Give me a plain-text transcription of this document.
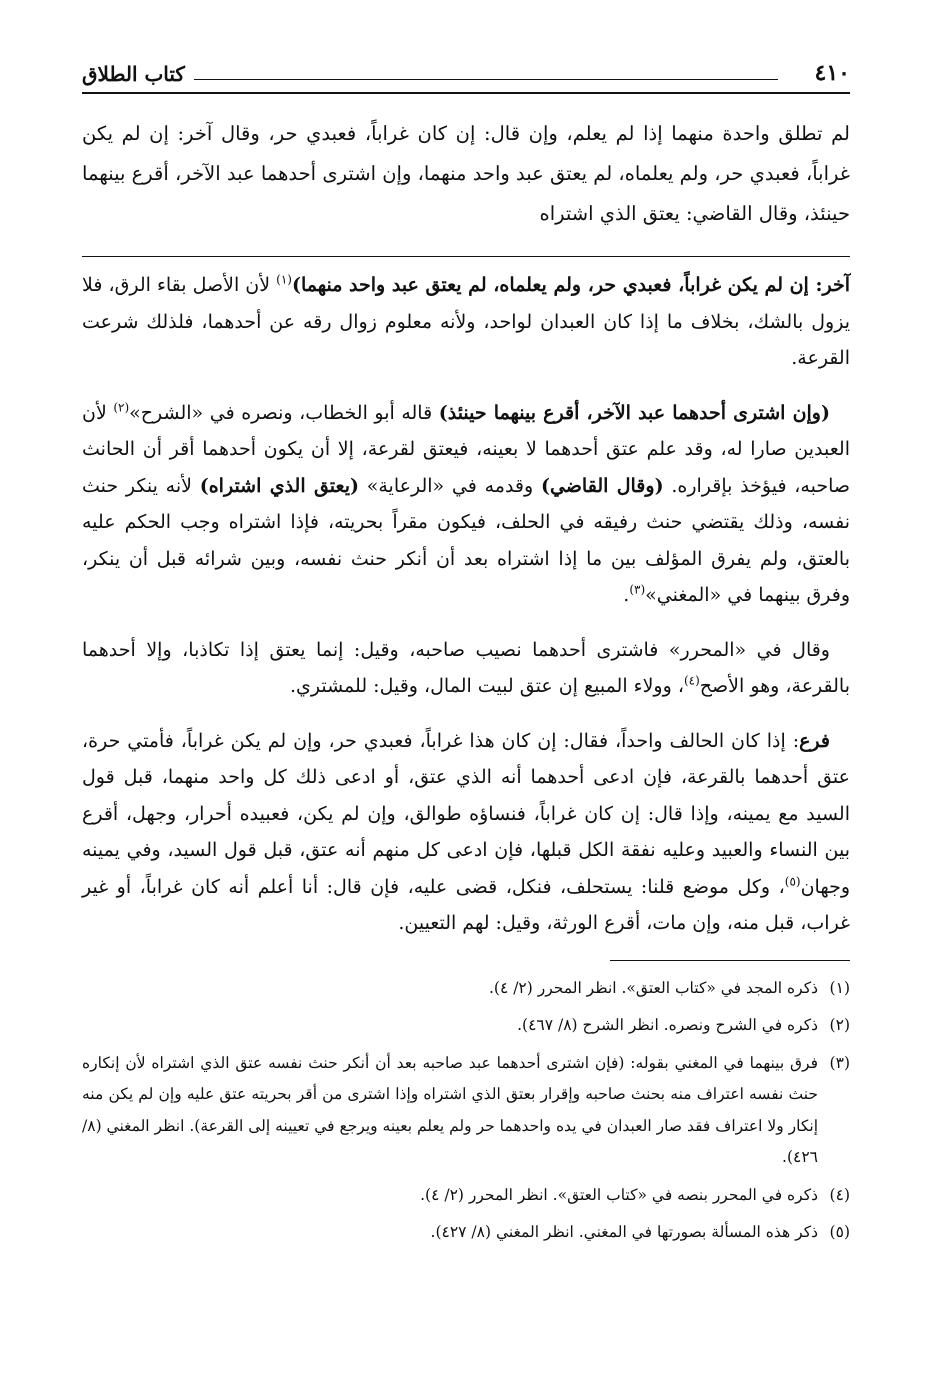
٤١٠
كتاب الطلاق
لم تطلق واحدة منهما إذا لم يعلم، وإن قال: إن كان غراباً، فعبدي حر، وقال آخر: إن لم يكن غراباً، فعبدي حر، ولم يعلماه، لم يعتق عبد واحد منهما، وإن اشترى أحدهما عبد الآخر، أقرع بينهما حينئذ، وقال القاضي: يعتق الذي اشتراه

آخر: إن لم يكن غراباً، فعبدي حر، ولم يعلماه، لم يعتق عبد واحد منهما)$^{(١)}$ لأن الأصل بقاء الرق، فلا يزول بالشك، بخلاف ما إذا كان العبدان لواحد، ولأنه معلوم زوال رقه عن أحدهما، فلذلك شرعت القرعة.

(وإن اشترى أحدهما عبد الآخر، أقرع بينهما حينئذ) قاله أبو الخطاب، ونصره في «الشرح»$^{(٢)}$ لأن العبدين صارا له، وقد علم عتق أحدهما لا بعينه، فيعتق لقرعة، إلا أن يكون أحدهما أقر أن الحانث صاحبه، فيؤخذ بإقراره. (وقال القاضي) وقدمه في «الرعاية» (يعتق الذي اشتراه) لأنه ينكر حنث نفسه، وذلك يقتضي حنث رفيقه في الحلف، فيكون مقراً بحريته، فإذا اشتراه وجب الحكم عليه بالعتق، ولم يفرق المؤلف بين ما إذا اشتراه بعد أن أنكر حنث نفسه، وبين شرائه قبل أن ينكر، وفرق بينهما في «المغني»$^{(٣)}$.

وقال في «المحرر» فاشترى أحدهما نصيب صاحبه، وقيل: إنما يعتق إذا تكاذبا، وإلا أحدهما بالقرعة، وهو الأصح$^{(٤)}$، وولاء المبيع إن عتق لبيت المال، وقيل: للمشتري.

فرع: إذا كان الحالف واحداً، فقال: إن كان هذا غراباً، فعبدي حر، وإن لم يكن غراباً، فأمتي حرة، عتق أحدهما بالقرعة، فإن ادعى أحدهما أنه الذي عتق، أو ادعى ذلك كل واحد منهما، قبل قول السيد مع يمينه، وإذا قال: إن كان غراباً، فنساؤه طوالق، وإن لم يكن، فعبيده أحرار، وجهل، أقرع بين النساء والعبيد وعليه نفقة الكل قبلها، فإن ادعى كل منهم أنه عتق، قبل قول السيد، وفي يمينه وجهان$^{(٥)}$، وكل موضع قلنا: يستحلف، فنكل، قضى عليه، فإن قال: أنا أعلم أنه كان غراباً، أو غير غراب، قبل منه، وإن مات، أقرع الورثة، وقيل: لهم التعيين.

(١)
ذكره المجد في «كتاب العتق». انظر المحرر (٢/ ٤).
(٢)
ذكره في الشرح ونصره. انظر الشرح (٨/ ٤٦٧).
(٣)
فرق بينهما في المغني بقوله: (فإن اشترى أحدهما عبد صاحبه بعد أن أنكر حنث نفسه عتق الذي اشتراه لأن إنكاره حنث نفسه اعتراف منه بحنث صاحبه وإقرار بعتق الذي اشتراه وإذا اشترى من أقر بحريته عتق عليه وإن لم يكن منه إنكار ولا اعتراف فقد صار العبدان في يده واحدهما حر ولم يعلم بعينه ويرجع في تعيينه إلى القرعة). انظر المغني (٨/ ٤٢٦).
(٤)
ذكره في المحرر بنصه في «كتاب العتق». انظر المحرر (٢/ ٤).
(٥)
ذكر هذه المسألة بصورتها في المغني. انظر المغني (٨/ ٤٢٧).
